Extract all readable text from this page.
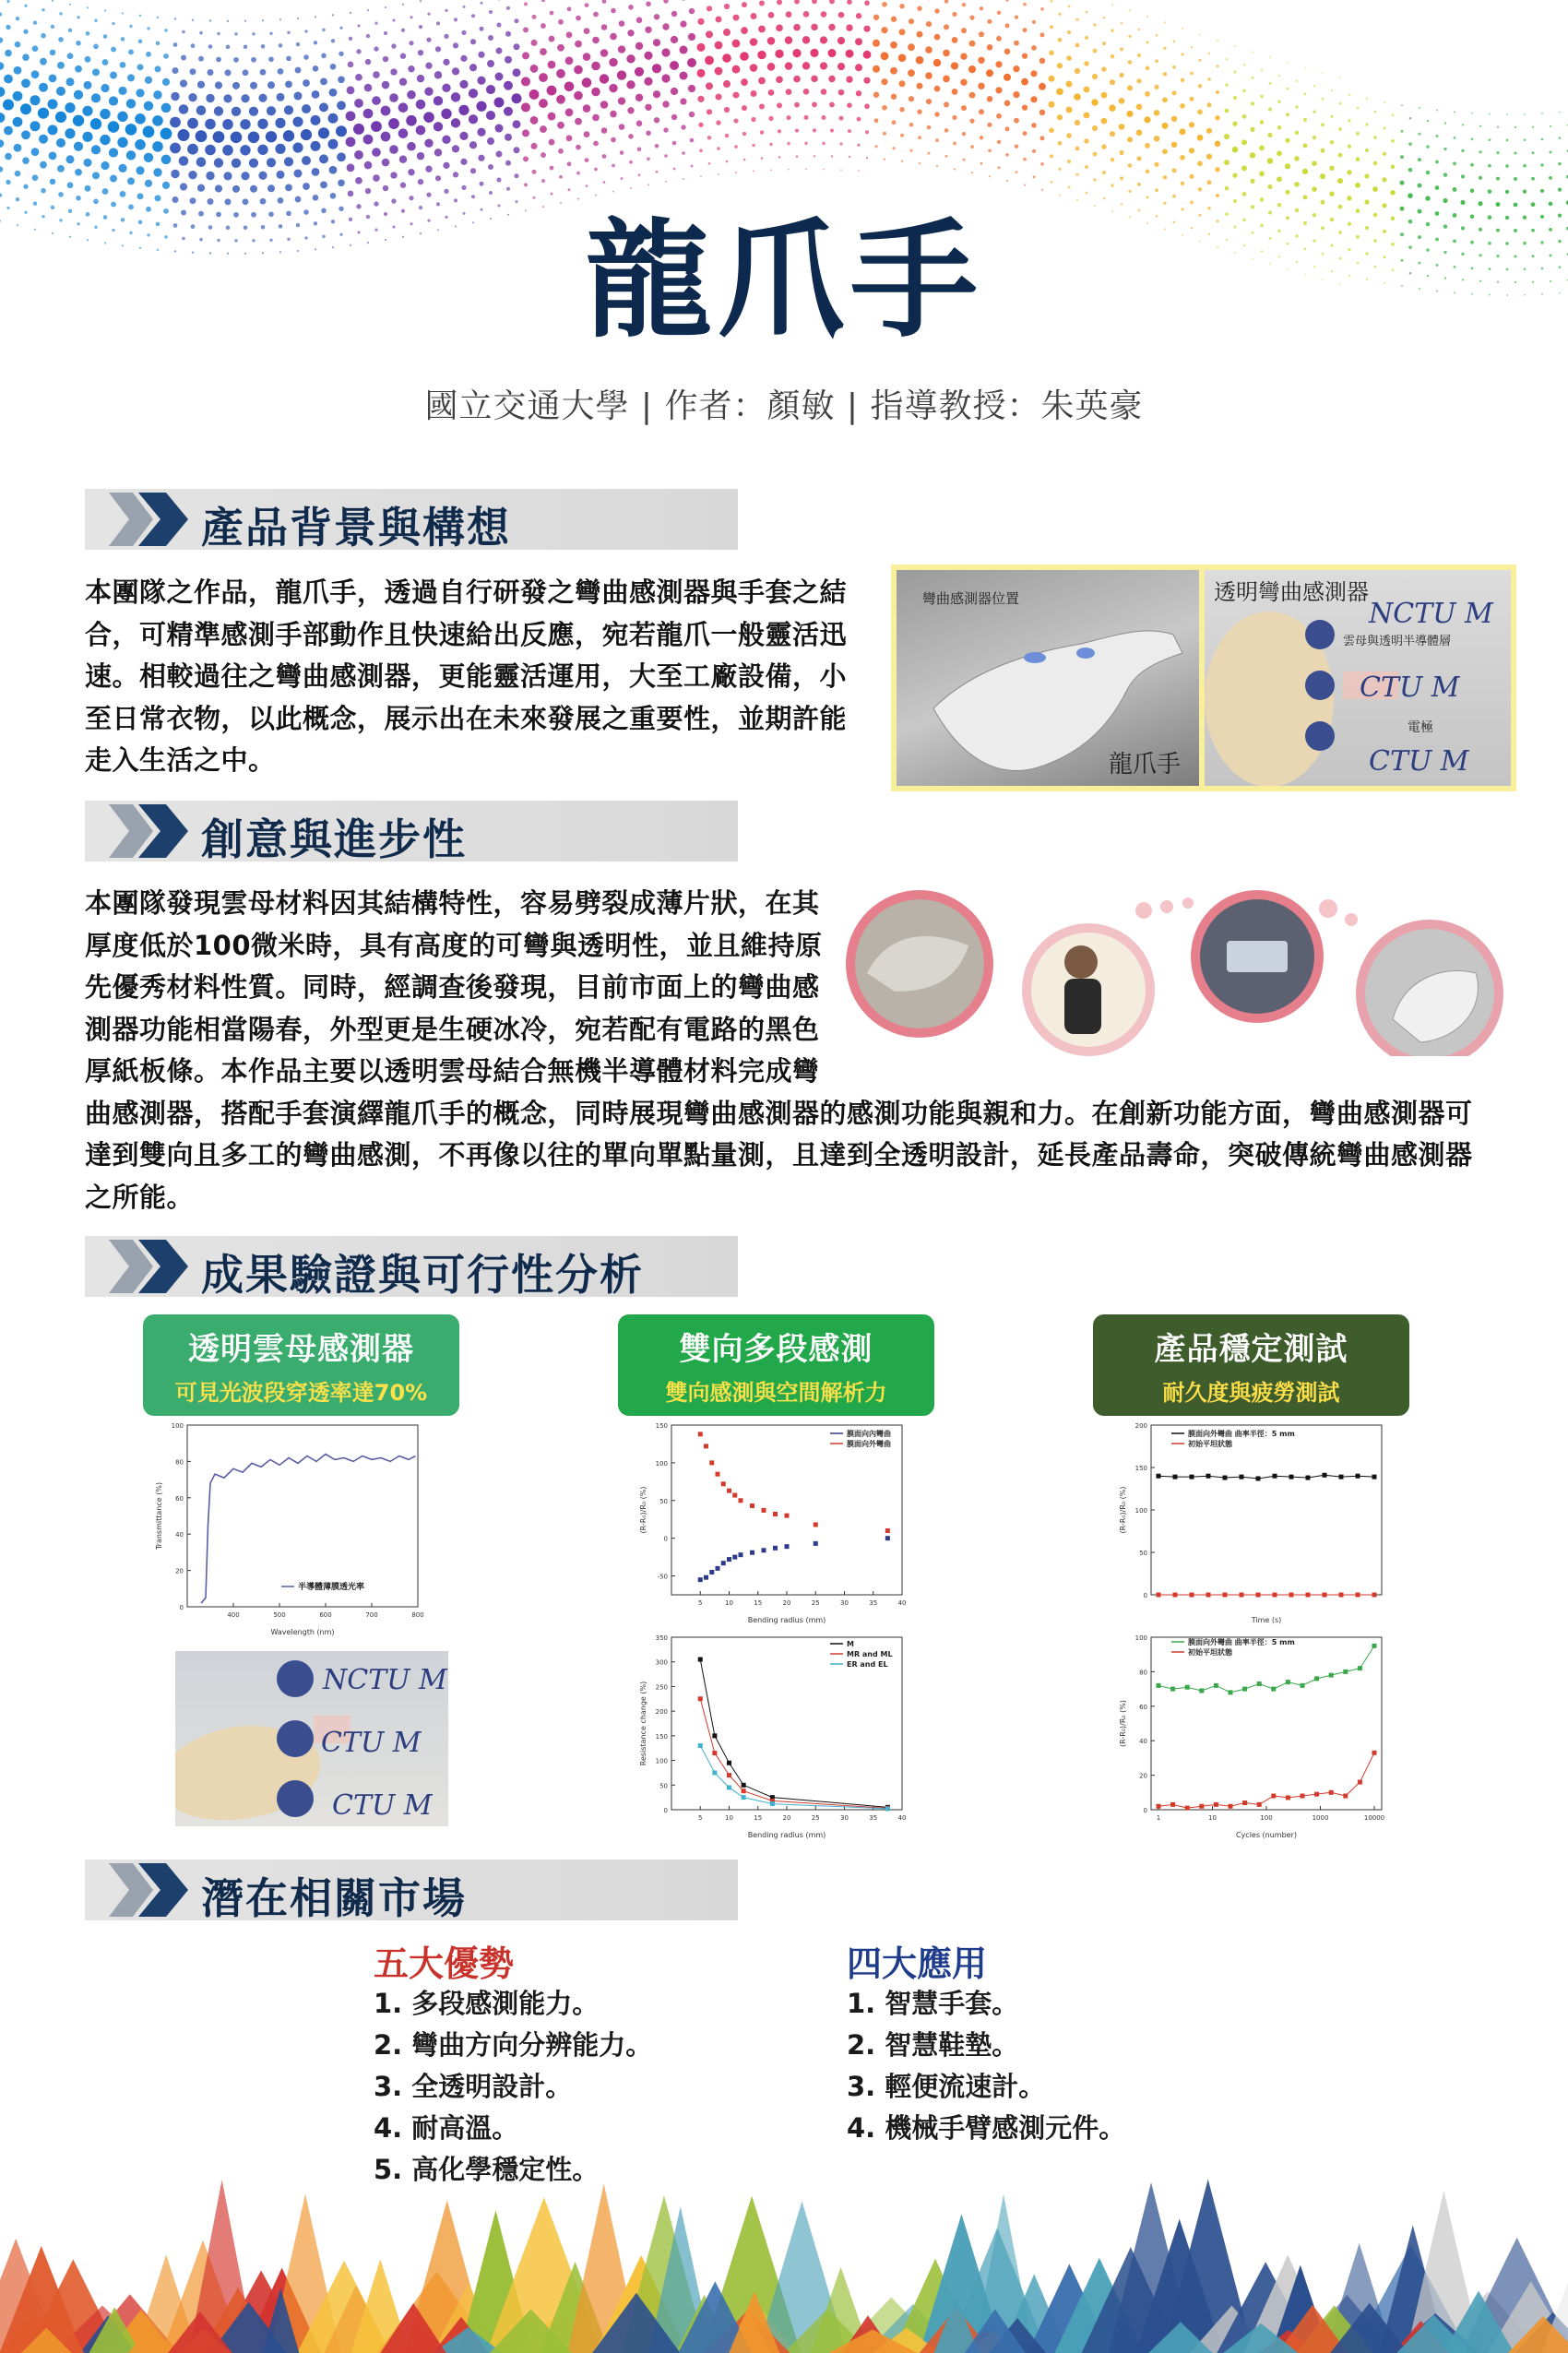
龍爪手
國立交通大學 | 作者：顏敏 | 指導教授：朱英豪
產品背景與構想
本團隊之作品，龍爪手，透過自行研發之彎曲感測器與手套之結
合，可精準感測手部動作且快速給出反應，宛若龍爪一般靈活迅
速。相較過往之彎曲感測器，更能靈活運用，大至工廠設備，小
至日常衣物，以此概念，展示出在未來發展之重要性，並期許能
走入生活之中。
彎曲感測器位置
龍爪手
透明彎曲感測器
NCTU M
雲母與透明半導體層
CTU M
電極
CTU M
創意與進步性
本團隊發現雲母材料因其結構特性，容易劈裂成薄片狀，在其
厚度低於100微米時，具有高度的可彎與透明性，並且維持原
先優秀材料性質。同時，經調查後發現，目前市面上的彎曲感
測器功能相當陽春，外型更是生硬冰冷，宛若配有電路的黑色
厚紙板條。本作品主要以透明雲母結合無機半導體材料完成彎
曲感測器，搭配手套演繹龍爪手的概念，同時展現彎曲感測器的感測功能與親和力。在創新功能方面，彎曲感測器可
達到雙向且多工的彎曲感測，不再像以往的單向單點量測，且達到全透明設計，延長產品壽命，突破傳統彎曲感測器
之所能。
成果驗證與可行性分析
透明雲母感測器
可見光波段穿透率達70%
雙向多段感測
雙向感測與空間解析力
產品穩定測試
耐久度與疲勞測試
0
20
40
60
80
100
400	500	600	700	800
Wavelength (nm)
Transmittance (%)
半導體薄膜透光率
-50
0
50
100
150
5	10	15	20	25	30	35	40
Bending radius (mm)
(R-R₀)/R₀ (%)
膜面向內彎曲
膜面向外彎曲
0
50
100
150
200
250
300
350
5	10	15	20	25	30	35	40
Bending radius (mm)
Resistance change (%)
M
MR and ML
ER and EL
0
50
100
150
200
Time (s)
(R-R₀)/R₀ (%)
膜面向外彎曲 曲率半徑：5 mm
初始平坦狀態
0
20
40
60
80
100
1	10	100	1000	10000
Cycles (number)
(R-R₀)/R₀ (%)
膜面向外彎曲 曲率半徑：5 mm
初始平坦狀態
NCTU M
CTU M
CTU M
潛在相關市場
五大優勢
1. 多段感測能力。
2. 彎曲方向分辨能力。
3. 全透明設計。
4. 耐高溫。
5. 高化學穩定性。
四大應用
1. 智慧手套。
2. 智慧鞋墊。
3. 輕便流速計。
4. 機械手臂感測元件。
